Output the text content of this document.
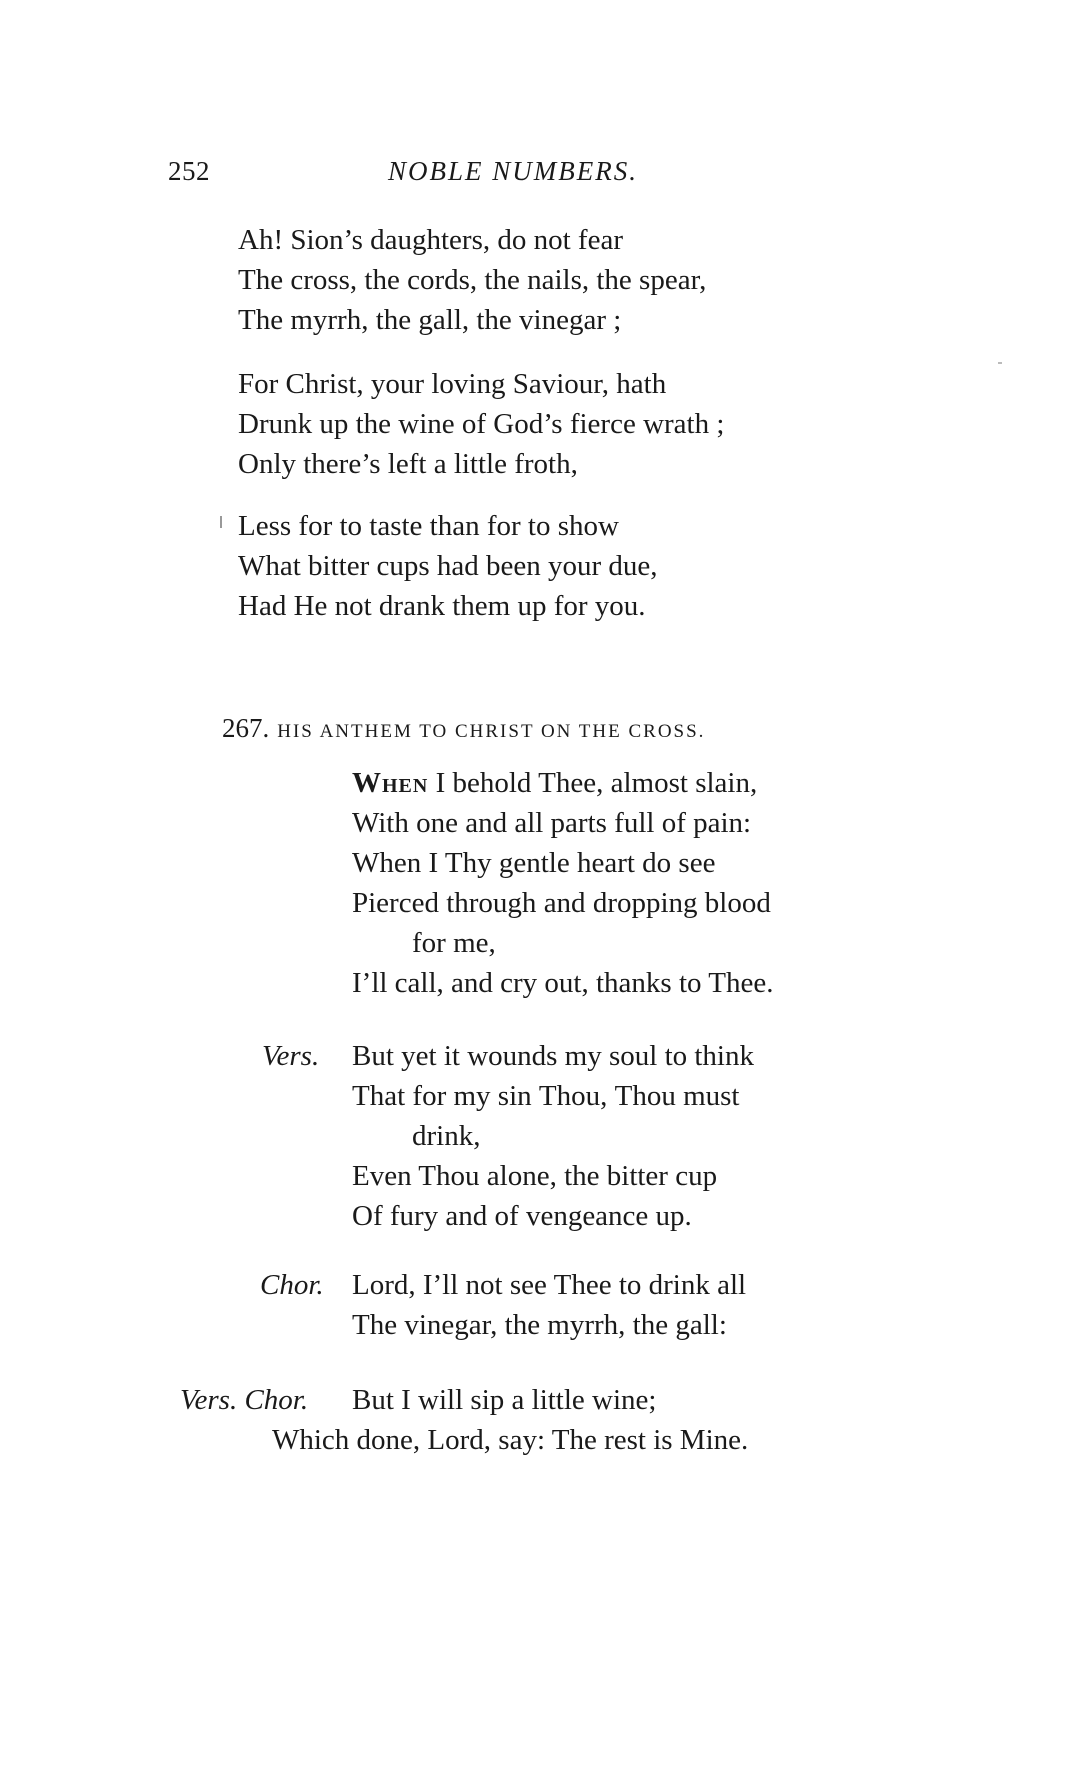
252	NOBLE NUMBERS.
Ah! Sion’s daughters, do not fear
The cross, the cords, the nails, the spear,
The myrrh, the gall, the vinegar ;
For Christ, your loving Saviour, hath
Drunk up the wine of God’s fierce wrath ;
Only there’s left a little froth,
Less for to taste than for to show
What bitter cups had been your due,
Had He not drank them up for you.
267. HIS ANTHEM TO CHRIST ON THE CROSS.
When I behold Thee, almost slain,
With one and all parts full of pain:
When I Thy gentle heart do see
Pierced through and dropping blood
for me,
I’ll call, and cry out, thanks to Thee.
Vers. But yet it wounds my soul to think
That for my sin Thou, Thou must
drink,
Even Thou alone, the bitter cup
Of fury and of vengeance up.
Chor. Lord, I’ll not see Thee to drink all
The vinegar, the myrrh, the gall:
Vers. Chor. But I will sip a little wine;
Which done, Lord, say: The rest is Mine.
